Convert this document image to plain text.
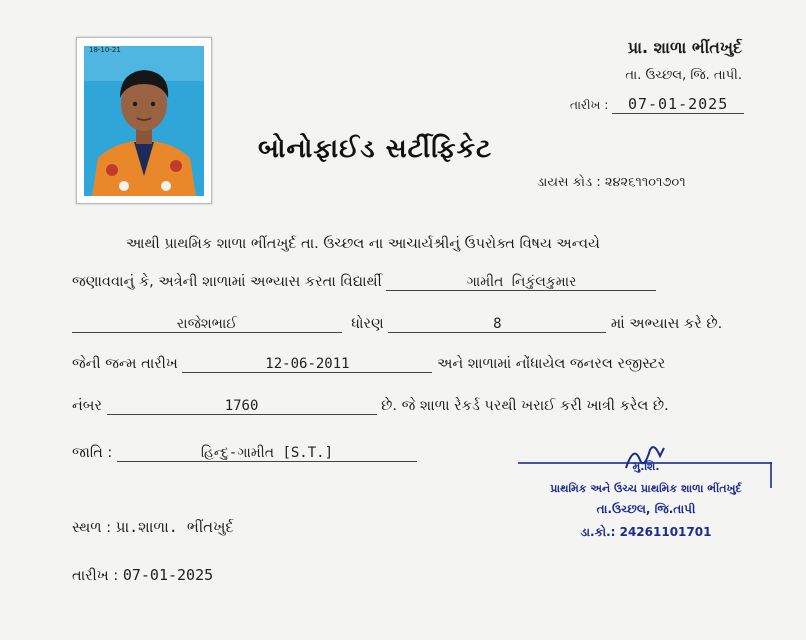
18-10-21	પ્રા. શાળા ભીંતખુર્દ
તા. ઉચ્છલ, જિ. તાપી.
તારીખ : 07-01-2025
બોનોફાઈડ સર્ટીફિકેટ
ડાયસ કોડ : ૨૪૨૬૧૧૦૧૭૦૧
આથી પ્રાથમિક શાળા ભીંતખુર્દ તા. ઉચ્છલ ના આચાર્યશ્રીનું ઉપરોક્ત વિષય અન્વયે
જણાવવાનું કે, અત્રેની શાળામાં અભ્યાસ કરતા વિદ્યાર્થી	ગામીત નિકુંલકુમાર
રાજેશભાઈ	ધોરણ	8	માં અભ્યાસ કરે છે.
જેની જન્મ તારીખ	12-06-2011	અને શાળામાં નોંધાયેલ જનરલ રજીસ્ટર
નંબર	1760	છે. જે શાળા રેકર્ડ પરથી ખરાઈ કરી ખાત્રી કરેલ છે.
જાતિ :	હિન્દુ-ગામીત [S.T.]
સ્થળ : પ્રા.શાળા. ભીંતખુર્દ
તારીખ : 07-01-2025
મુ.શિ.
પ્રાથમિક અને ઉચ્ચ પ્રાથમિક શાળા ભીંતખુર્દ
તા.ઉચ્છલ, જિ.તાપી
ડા.કો.: 24261101701
